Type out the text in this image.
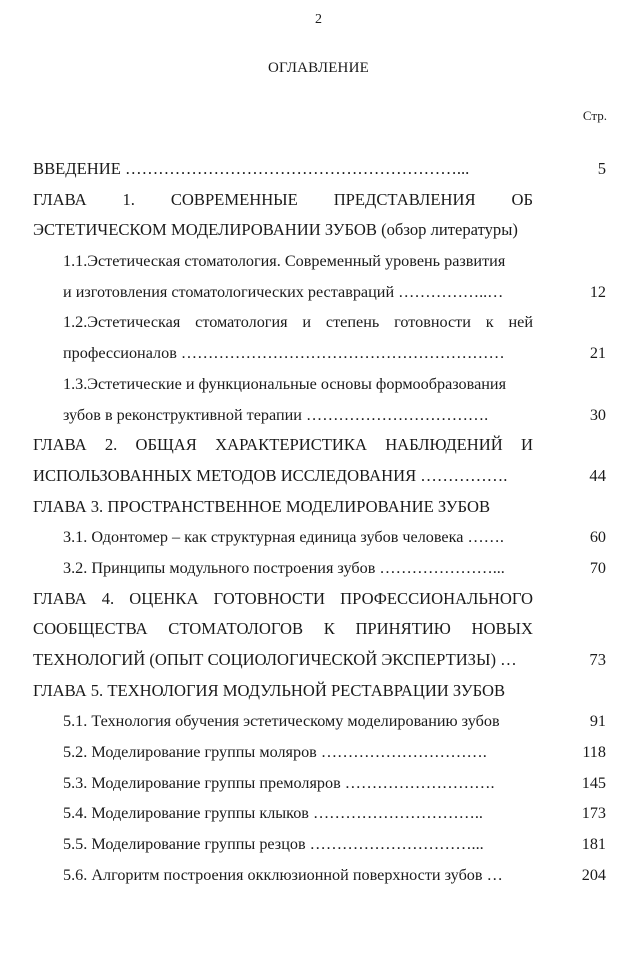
2
ОГЛАВЛЕНИЕ
Стр.
ВВЕДЕНИЕ ……………………………………………………...	5
ГЛАВА 1. СОВРЕМЕННЫЕ ПРЕДСТАВЛЕНИЯ ОБ
ЭСТЕТИЧЕСКОМ МОДЕЛИРОВАНИИ ЗУБОВ (обзор литературы)
1.1.Эстетическая стоматология. Современный уровень развития
и изготовления стоматологических реставраций ……………..…	12
1.2.Эстетическая стоматология и степень готовности к ней
профессионалов ……………………………………………………	21
1.3.Эстетические и функциональные основы формообразования
зубов в реконструктивной терапии …………………………….	30
ГЛАВА 2. ОБЩАЯ ХАРАКТЕРИСТИКА НАБЛЮДЕНИЙ И
ИСПОЛЬЗОВАННЫХ МЕТОДОВ ИССЛЕДОВАНИЯ …………….	44
ГЛАВА 3. ПРОСТРАНСТВЕННОЕ МОДЕЛИРОВАНИЕ ЗУБОВ
3.1. Одонтомер – как структурная единица зубов человека …….	60
3.2. Принципы модульного построения зубов …………………...	70
ГЛАВА 4. ОЦЕНКА ГОТОВНОСТИ ПРОФЕССИОНАЛЬНОГО
СООБЩЕСТВА СТОМАТОЛОГОВ К ПРИНЯТИЮ НОВЫХ
ТЕХНОЛОГИЙ (ОПЫТ СОЦИОЛОГИЧЕСКОЙ ЭКСПЕРТИЗЫ) …	73
ГЛАВА 5. ТЕХНОЛОГИЯ МОДУЛЬНОЙ РЕСТАВРАЦИИ ЗУБОВ
5.1. Технология обучения эстетическому моделированию зубов	91
5.2. Моделирование группы моляров ………………………….	118
5.3. Моделирование группы премоляров ……………………….	145
5.4. Моделирование группы клыков …………………………..	173
5.5. Моделирование группы резцов …………………………...	181
5.6. Алгоритм построения окклюзионной поверхности зубов …	204
